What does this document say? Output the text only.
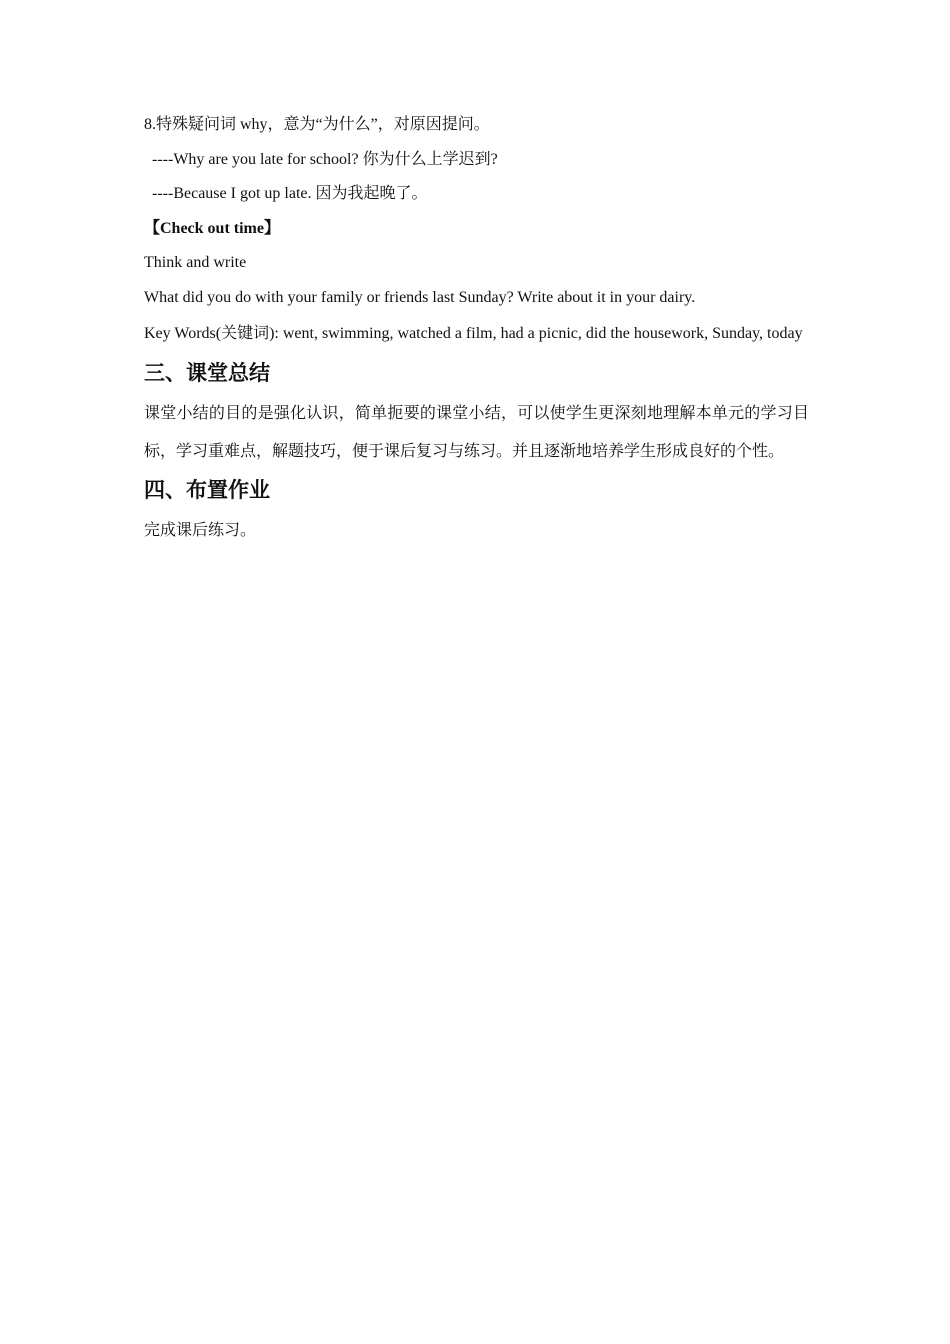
8.特殊疑问词 why，意为“为什么”，对原因提问。
----Why are you late for school? 你为什么上学迟到?
----Because I got up late. 因为我起晚了。
【Check out time】
Think and write
What did you do with your family or friends last Sunday? Write about it in your dairy.
Key Words(关键词): went, swimming, watched a film, had a picnic, did the housework, Sunday, today
三、课堂总结
课堂小结的目的是强化认识，简单扼要的课堂小结，可以使学生更深刻地理解本单元的学习目标，学习重难点，解题技巧，便于课后复习与练习。并且逐渐地培养学生形成良好的个性。
四、布置作业
完成课后练习。
